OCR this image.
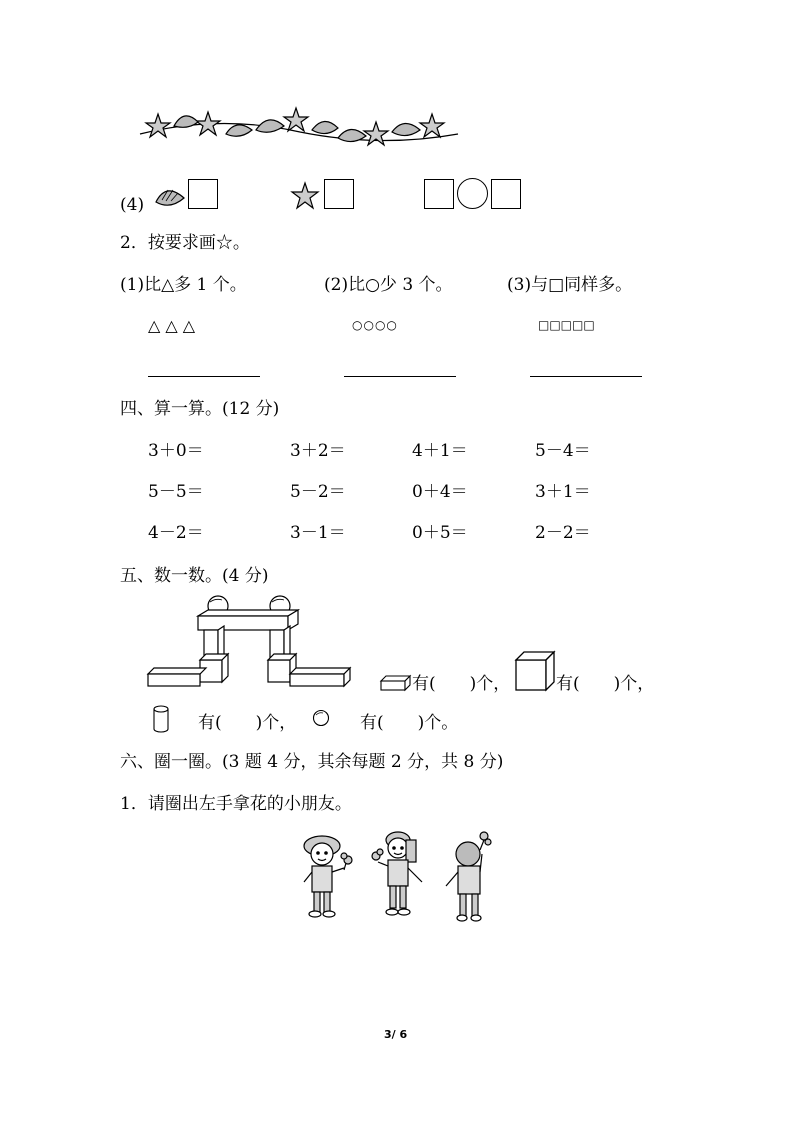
(4)
2．按要求画☆。
(1)比△多 1 个。	(2)比○少 3 个。	(3)与□同样多。
△ △ △	○○○○	□□□□□
四、算一算。(12 分)
3＋0＝	3＋2＝	4＋1＝	5－4＝
5－5＝	5－2＝	0＋4＝	3＋1＝
4－2＝	3－1＝	0＋5＝	2－2＝
五、数一数。(4 分)
有(　　)个，	有(　　)个，
有(　　)个，	有(　　)个。
六、圈一圈。(3 题 4 分，其余每题 2 分，共 8 分)
1．请圈出左手拿花的小朋友。
3/ 6
